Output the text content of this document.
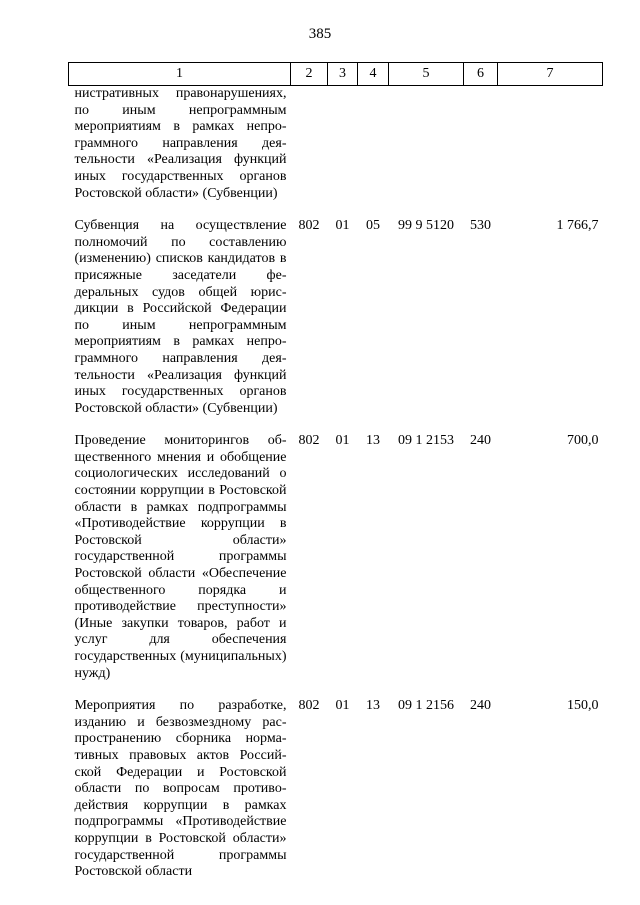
385
1	2	3	4	5	6	7
нистративных правонарушениях, по иным непрограммным мероприятиям в рамках непрограммного направления деятельности «Реализация функций иных государственных органов Ростовской области» (Субвенции)						
Субвенция на осуществление полномочий по составлению (изменению) списков кандидатов в присяжные заседатели федеральных судов общей юрисдикции в Российской Федерации по иным непрограммным мероприятиям в рамках непрограммного направления деятельности «Реализация функций иных государственных органов Ростовской области» (Субвенции)	802	01	05	99 9 5120	530	1 766,7
Проведение мониторингов общественного мнения и обобщение социологических исследований о состоянии коррупции в Ростовской области в рамках подпрограммы «Противодействие коррупции в Ростовской области» государственной программы Ростовской области «Обеспечение общественного порядка и противодействие преступности» (Иные закупки товаров, работ и услуг для обеспечения государственных (муниципальных) нужд)	802	01	13	09 1 2153	240	700,0
Мероприятия по разработке, изданию и безвозмездному распространению сборника нормативных правовых актов Российской Федерации и Ростовской области по вопросам противодействия коррупции в рамках подпрограммы «Противодействие коррупции в Ростовской области» государственной программы Ростовской области	802	01	13	09 1 2156	240	150,0
